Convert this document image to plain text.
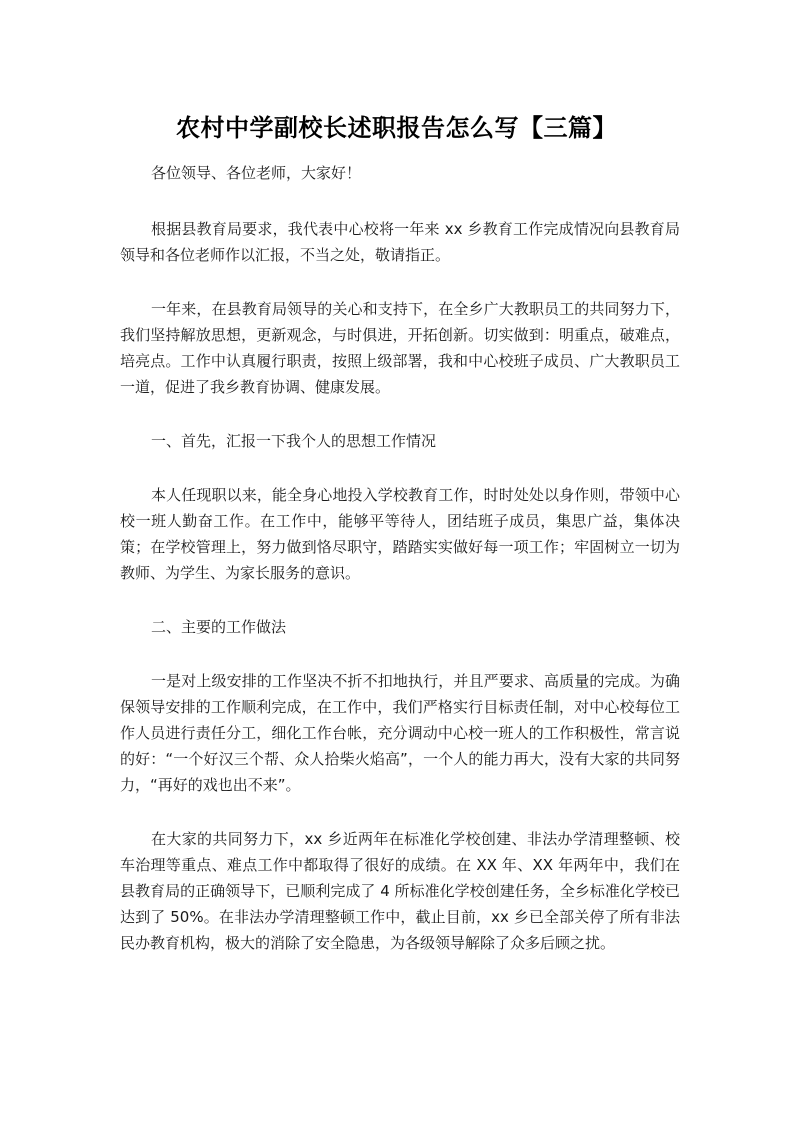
农村中学副校长述职报告怎么写【三篇】

各位领导、各位老师，大家好！

根据县教育局要求，我代表中心校将一年来 xx 乡教育工作完成情况向县教育局领导和各位老师作以汇报，不当之处，敬请指正。

一年来，在县教育局领导的关心和支持下，在全乡广大教职员工的共同努力下，我们坚持解放思想，更新观念，与时俱进，开拓创新。切实做到：明重点，破难点，培亮点。工作中认真履行职责，按照上级部署，我和中心校班子成员、广大教职员工一道，促进了我乡教育协调、健康发展。

一、首先，汇报一下我个人的思想工作情况

本人任现职以来，能全身心地投入学校教育工作，时时处处以身作则，带领中心校一班人勤奋工作。在工作中，能够平等待人，团结班子成员，集思广益，集体决策；在学校管理上，努力做到恪尽职守，踏踏实实做好每一项工作；牢固树立一切为教师、为学生、为家长服务的意识。

二、主要的工作做法

一是对上级安排的工作坚决不折不扣地执行，并且严要求、高质量的完成。为确保领导安排的工作顺利完成，在工作中，我们严格实行目标责任制，对中心校每位工作人员进行责任分工，细化工作台帐，充分调动中心校一班人的工作积极性，常言说的好：“一个好汉三个帮、众人拾柴火焰高”，一个人的能力再大，没有大家的共同努力，“再好的戏也出不来”。

在大家的共同努力下，xx 乡近两年在标准化学校创建、非法办学清理整顿、校车治理等重点、难点工作中都取得了很好的成绩。在 XX 年、XX 年两年中，我们在县教育局的正确领导下，已顺利完成了 4 所标准化学校创建任务，全乡标准化学校已达到了 50%。在非法办学清理整顿工作中，截止目前，xx 乡已全部关停了所有非法民办教育机构，极大的消除了安全隐患，为各级领导解除了众多后顾之扰。
